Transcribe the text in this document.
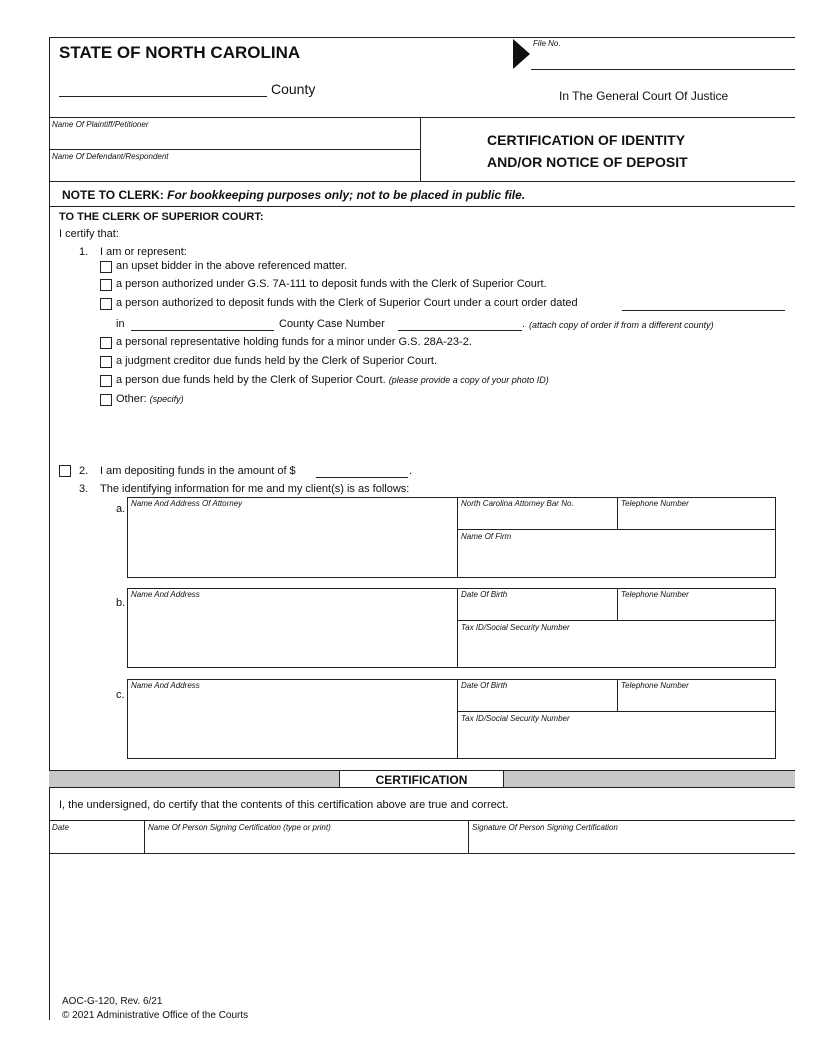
STATE OF NORTH CAROLINA
County
File No.
In The General Court Of Justice
Name Of Plaintiff/Petitioner
Name Of Defendant/Respondent
CERTIFICATION OF IDENTITY
AND/OR NOTICE OF DEPOSIT
NOTE TO CLERK: For bookkeeping purposes only; not to be placed in public file.
TO THE CLERK OF SUPERIOR COURT:
I certify that:
1. I am or represent:
an upset bidder in the above referenced matter.
a person authorized under G.S. 7A-111 to deposit funds with the Clerk of Superior Court.
a person authorized to deposit funds with the Clerk of Superior Court under a court order dated
in	County Case Number	. (attach copy of order if from a different county)
a personal representative holding funds for a minor under G.S. 28A-23-2.
a judgment creditor due funds held by the Clerk of Superior Court.
a person due funds held by the Clerk of Superior Court. (please provide a copy of your photo ID)
Other: (specify)
2. I am depositing funds in the amount of $	.
3. The identifying information for me and my client(s) is as follows:
a. Name And Address Of Attorney	North Carolina Attorney Bar No.	Telephone Number
Name Of Firm
b.
Name And Address	Date Of Birth	Telephone Number
Tax ID/Social Security Number
c.
Name And Address	Date Of Birth	Telephone Number
Tax ID/Social Security Number
CERTIFICATION
I, the undersigned, do certify that the contents of this certification above are true and correct.
Date	Name Of Person Signing Certification (type or print)	Signature Of Person Signing Certification
AOC-G-120, Rev. 6/21
© 2021 Administrative Office of the Courts
